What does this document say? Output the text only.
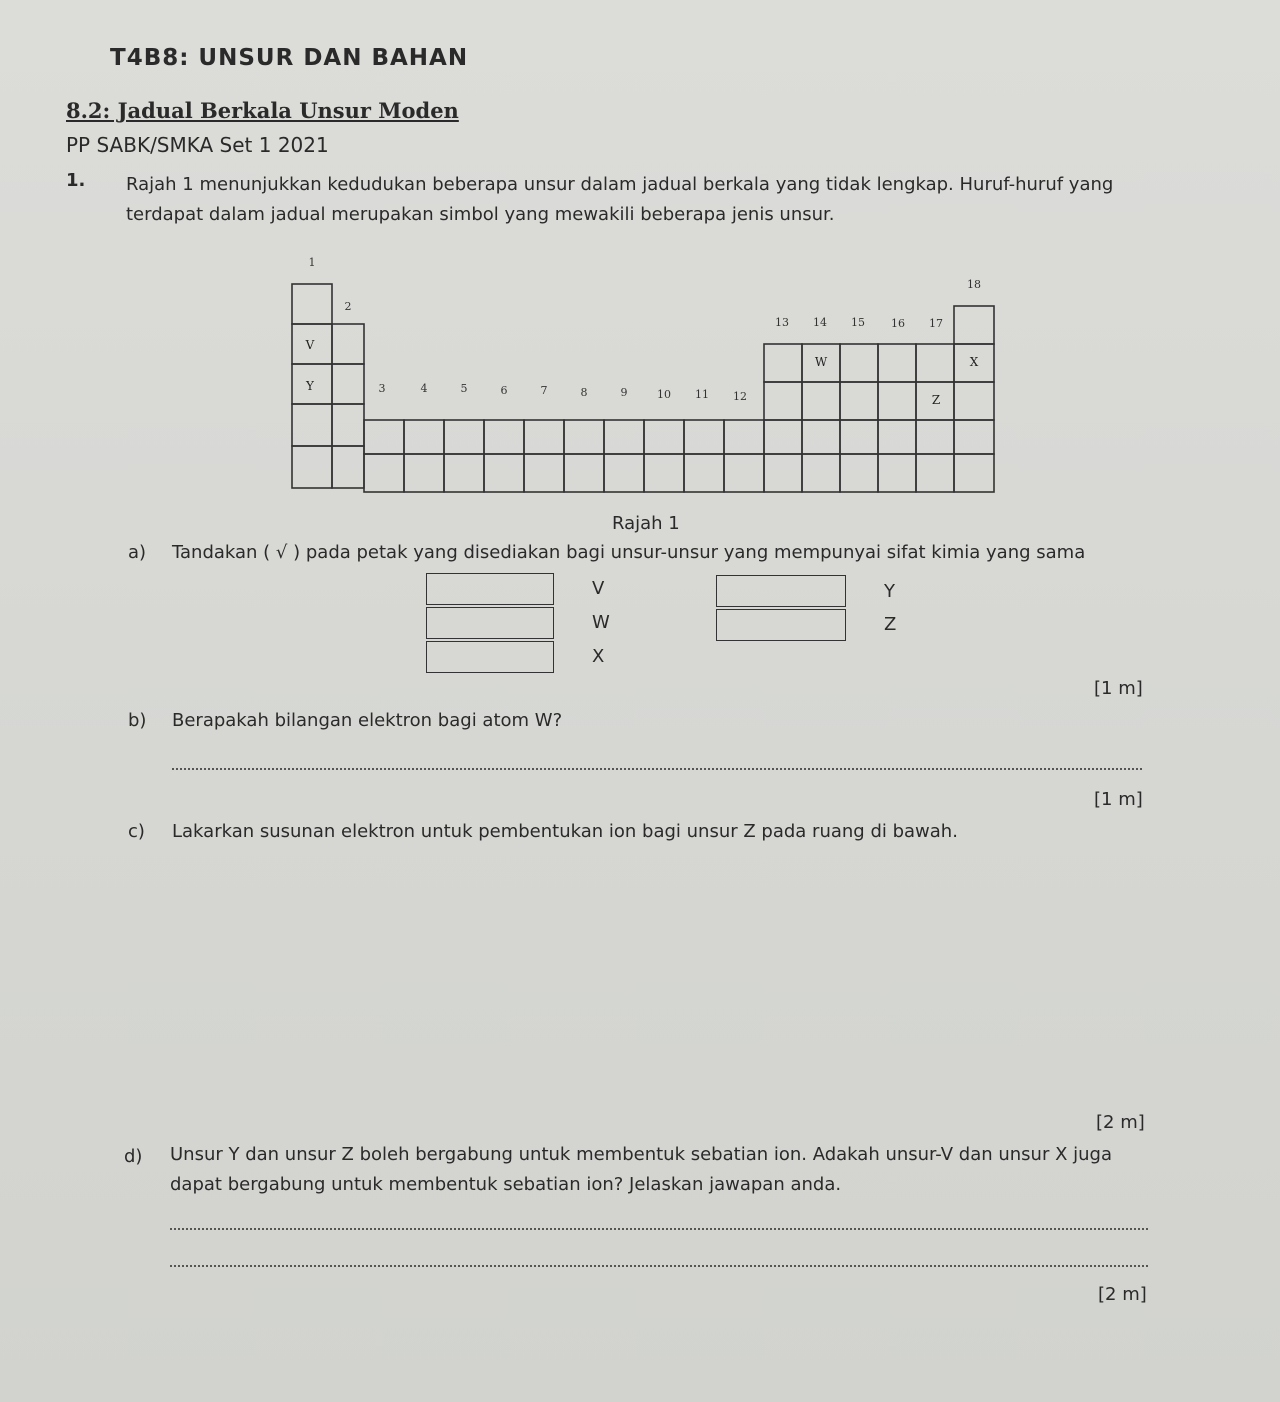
T4B8: UNSUR DAN BAHAN
8.2: Jadual Berkala Unsur Moden
PP SABK/SMKA Set 1 2021
1. Rajah 1 menunjukkan kedudukan beberapa unsur dalam jadual berkala yang tidak lengkap. Huruf-huruf yang terdapat dalam jadual merupakan simbol yang mewakili beberapa jenis unsur.
1
2
3	4	5	6	7	8	9	10 11 12
13 14 15 16 17
18
V
Y
W	X
Z
Rajah 1
a) Tandakan ( √ ) pada petak yang disediakan bagi unsur-unsur yang mempunyai sifat kimia yang sama
V
W
X
Y
Z
[1 m]
b) Berapakah bilangan elektron bagi atom W?
[1 m]
c) Lakarkan susunan elektron untuk pembentukan ion bagi unsur Z pada ruang di bawah.
[2 m]
d) Unsur Y dan unsur Z boleh bergabung untuk membentuk sebatian ion. Adakah unsur-V dan unsur X juga
dapat bergabung untuk membentuk sebatian ion? Jelaskan jawapan anda.
[2 m]
